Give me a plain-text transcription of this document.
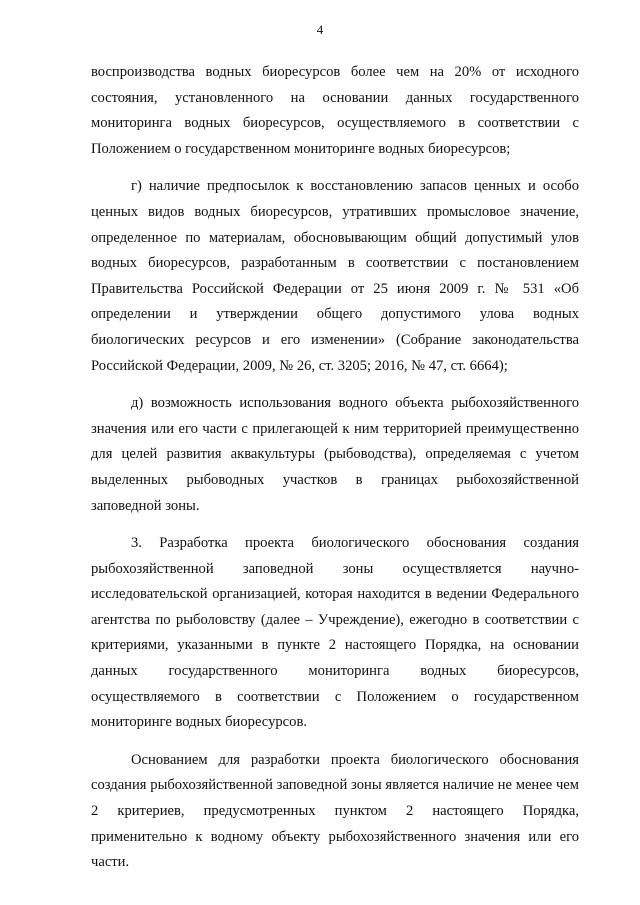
4

воспроизводства водных биоресурсов более чем на 20% от исходного состояния, установленного на основании данных государственного мониторинга водных биоресурсов, осуществляемого в соответствии с Положением о государственном мониторинге водных биоресурсов;

г) наличие предпосылок к восстановлению запасов ценных и особо ценных видов водных биоресурсов, утративших промысловое значение, определенное по материалам, обосновывающим общий допустимый улов водных биоресурсов, разработанным в соответствии с постановлением Правительства Российской Федерации от 25 июня 2009 г. № 531 «Об определении и утверждении общего допустимого улова водных биологических ресурсов и его изменении» (Собрание законодательства Российской Федерации, 2009, № 26, ст. 3205; 2016, № 47, ст. 6664);

д) возможность использования водного объекта рыбохозяйственного значения или его части с прилегающей к ним территорией преимущественно для целей развития аквакультуры (рыбоводства), определяемая с учетом выделенных рыбоводных участков в границах рыбохозяйственной заповедной зоны.

3. Разработка проекта биологического обоснования создания рыбохозяйственной заповедной зоны осуществляется научно-исследовательской организацией, которая находится в ведении Федерального агентства по рыболовству (далее – Учреждение), ежегодно в соответствии с критериями, указанными в пункте 2 настоящего Порядка, на основании данных государственного мониторинга водных биоресурсов, осуществляемого в соответствии с Положением о государственном мониторинге водных биоресурсов.

Основанием для разработки проекта биологического обоснования создания рыбохозяйственной заповедной зоны является наличие не менее чем 2 критериев, предусмотренных пунктом 2 настоящего Порядка, применительно к водному объекту рыбохозяйственного значения или его части.
